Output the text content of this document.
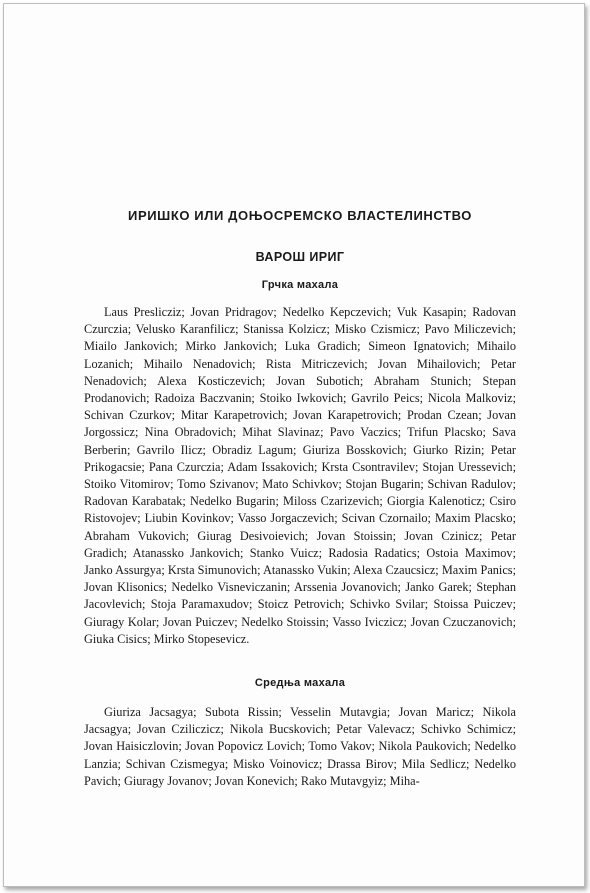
ИРИШКО ИЛИ ДОЊОСРЕМСКО ВЛАСТЕЛИНСТВО
ВАРОШ ИРИГ
Грчка махала

Laus Preslicziz; Jovan Pridragov; Nedelko Kepczevich; Vuk Kasapin; Radovan Czurczia; Velusko Karanfilicz; Stanissa Kolzicz; Misko Czismicz; Pavo Miliczevich; Miailo Jankovich; Mirko Jankovich; Luka Gradich; Simeon Ignatovich; Mihailo Lozanich; Mihailo Nenadovich; Rista Mitriczevich; Jovan Mihailovich; Petar Nenadovich; Alexa Kosticzevich; Jovan Subotich; Abraham Stunich; Stepan Prodanovich; Radoiza Baczvanin; Stoiko Iwkovich; Gavrilo Peics; Nicola Malkoviz; Schivan Czurkov; Mitar Karapetrovich; Jovan Karapetrovich; Prodan Czean; Jovan Jorgossicz; Nina Obradovich; Mihat Slavinaz; Pavo Vaczics; Trifun Placsko; Sava Berberin; Gavrilo Ilicz; Obradiz Lagum; Giuriza Bosskovich; Giurko Rizin; Petar Prikogacsie; Pana Czurczia; Adam Issakovich; Krsta Csontravilev; Stojan Uressevich; Stoiko Vitomirov; Tomo Szivanov; Mato Schivkov; Stojan Bugarin; Schivan Radulov; Radovan Karabatak; Nedelko Bugarin; Miloss Czarizevich; Giorgia Kalenoticz; Csiro Ristovojev; Liubin Kovinkov; Vasso Jorgaczevich; Scivan Czornailo; Maxim Placsko; Abraham Vukovich; Giurag Desivoievich; Jovan Stoissin; Jovan Czinicz; Petar Gradich; Atanassko Jankovich; Stanko Vuicz; Radosia Radatics; Ostoia Maximov; Janko Assurgya; Krsta Simunovich; Atanassko Vukin; Alexa Czaucsicz; Maxim Panics; Jovan Klisonics; Nedelko Visneviczanin; Arssenia Jovanovich; Janko Garek; Stephan Jacovlevich; Stoja Paramaxudov; Stoicz Petrovich; Schivko Svilar; Stoissa Puiczev; Giuragy Kolar; Jovan Puiczev; Nedelko Stoissin; Vasso Iviczicz; Jovan Czuczanovich; Giuka Cisics; Mirko Stopesevicz.

Средња махала

Giuriza Jacsagya; Subota Rissin; Vesselin Mutavgia; Jovan Maricz; Nikola Jacsagya; Jovan Cziliczicz; Nikola Bucskovich; Petar Valevacz; Schivko Schimicz; Jovan Haisiczlovin; Jovan Popovicz Lovich; Tomo Vakov; Nikola Paukovich; Nedelko Lanzia; Schivan Czismegya; Misko Voinovicz; Drassa Birov; Mila Sedlicz; Nedelko Pavich; Giuragy Jovanov; Jovan Konevich; Rako Mutavgyiz; Miha-
